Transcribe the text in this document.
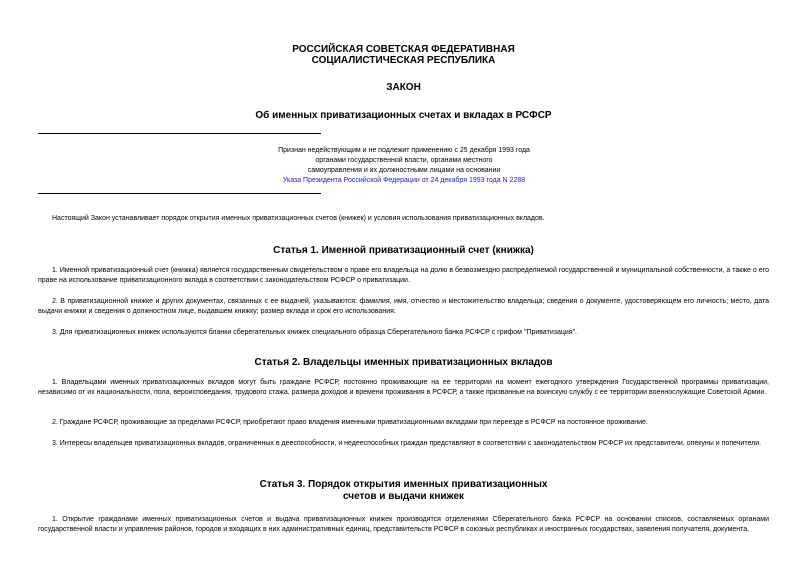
РОССИЙСКАЯ СОВЕТСКАЯ ФЕДЕРАТИВНАЯ
СОЦИАЛИСТИЧЕСКАЯ РЕСПУБЛИКА
ЗАКОН
Об именных приватизационных счетах и вкладах в РСФСР
Признан недействующим и не подлежит применению с 25 декабря 1993 года
органами государственной власти, органами местного
самоуправления и их должностными лицами на основании
Указа Президента Российской Федерации от 24 декабря 1993 года N 2288
Настоящий Закон устанавливает порядок открытия именных приватизационных счетов (книжек) и условия использования приватизационных вкладов.
Статья 1. Именной приватизационный счет (книжка)
1. Именной приватизационный счет (книжка) является государственным свидетельством о праве его владельца на долю в безвозмездно распределяемой государственной и муниципальной собственности, а также о его праве на использование приватизационного вклада в соответствии с законодательством РСФСР о приватизации.
2. В приватизационной книжке и других документах, связанных с ее выдачей, указываются: фамилия, имя, отчество и местожительство владельца; сведения о документе, удостоверяющем его личность; место, дата выдачи книжки и сведения о должностном лице, выдавшем книжку; размер вклада и срок его использования.
3. Для приватизационных книжек используются бланки сберегательных книжек специального образца Сберегательного банка РСФСР с грифом "Приватизация".
Статья 2. Владельцы именных приватизационных вкладов
1. Владельцами именных приватизационных вкладов могут быть граждане РСФСР, постоянно проживающие на ее территории на момент ежегодного утверждения Государственной программы приватизации, независимо от их национальности, пола, вероисповедания, трудового стажа, размера доходов и времени проживания в РСФСР, а также призванные на воинскую службу с ее территории военнослужащие Советской Армии.
2. Граждане РСФСР, проживающие за пределами РСФСР, приобретают право владения именными приватизационными вкладами при переезде в РСФСР на постоянное проживание.
3. Интересы владельцев приватизационных вкладов, ограниченных в дееспособности, и недееспособных граждан представляют в соответствии с законодательством РСФСР их представители, опекуны и попечители.
Статья 3. Порядок открытия именных приватизационных
счетов и выдачи книжек
1. Открытие гражданами именных приватизационных счетов и выдача приватизационных книжек производятся отделениями Сберегательного банка РСФСР на основании списков, составляемых органами государственной власти и управления районов, городов и входящих в них административных единиц, представительств РСФСР в союзных республиках и иностранных государствах, заявления получателя, документа,
